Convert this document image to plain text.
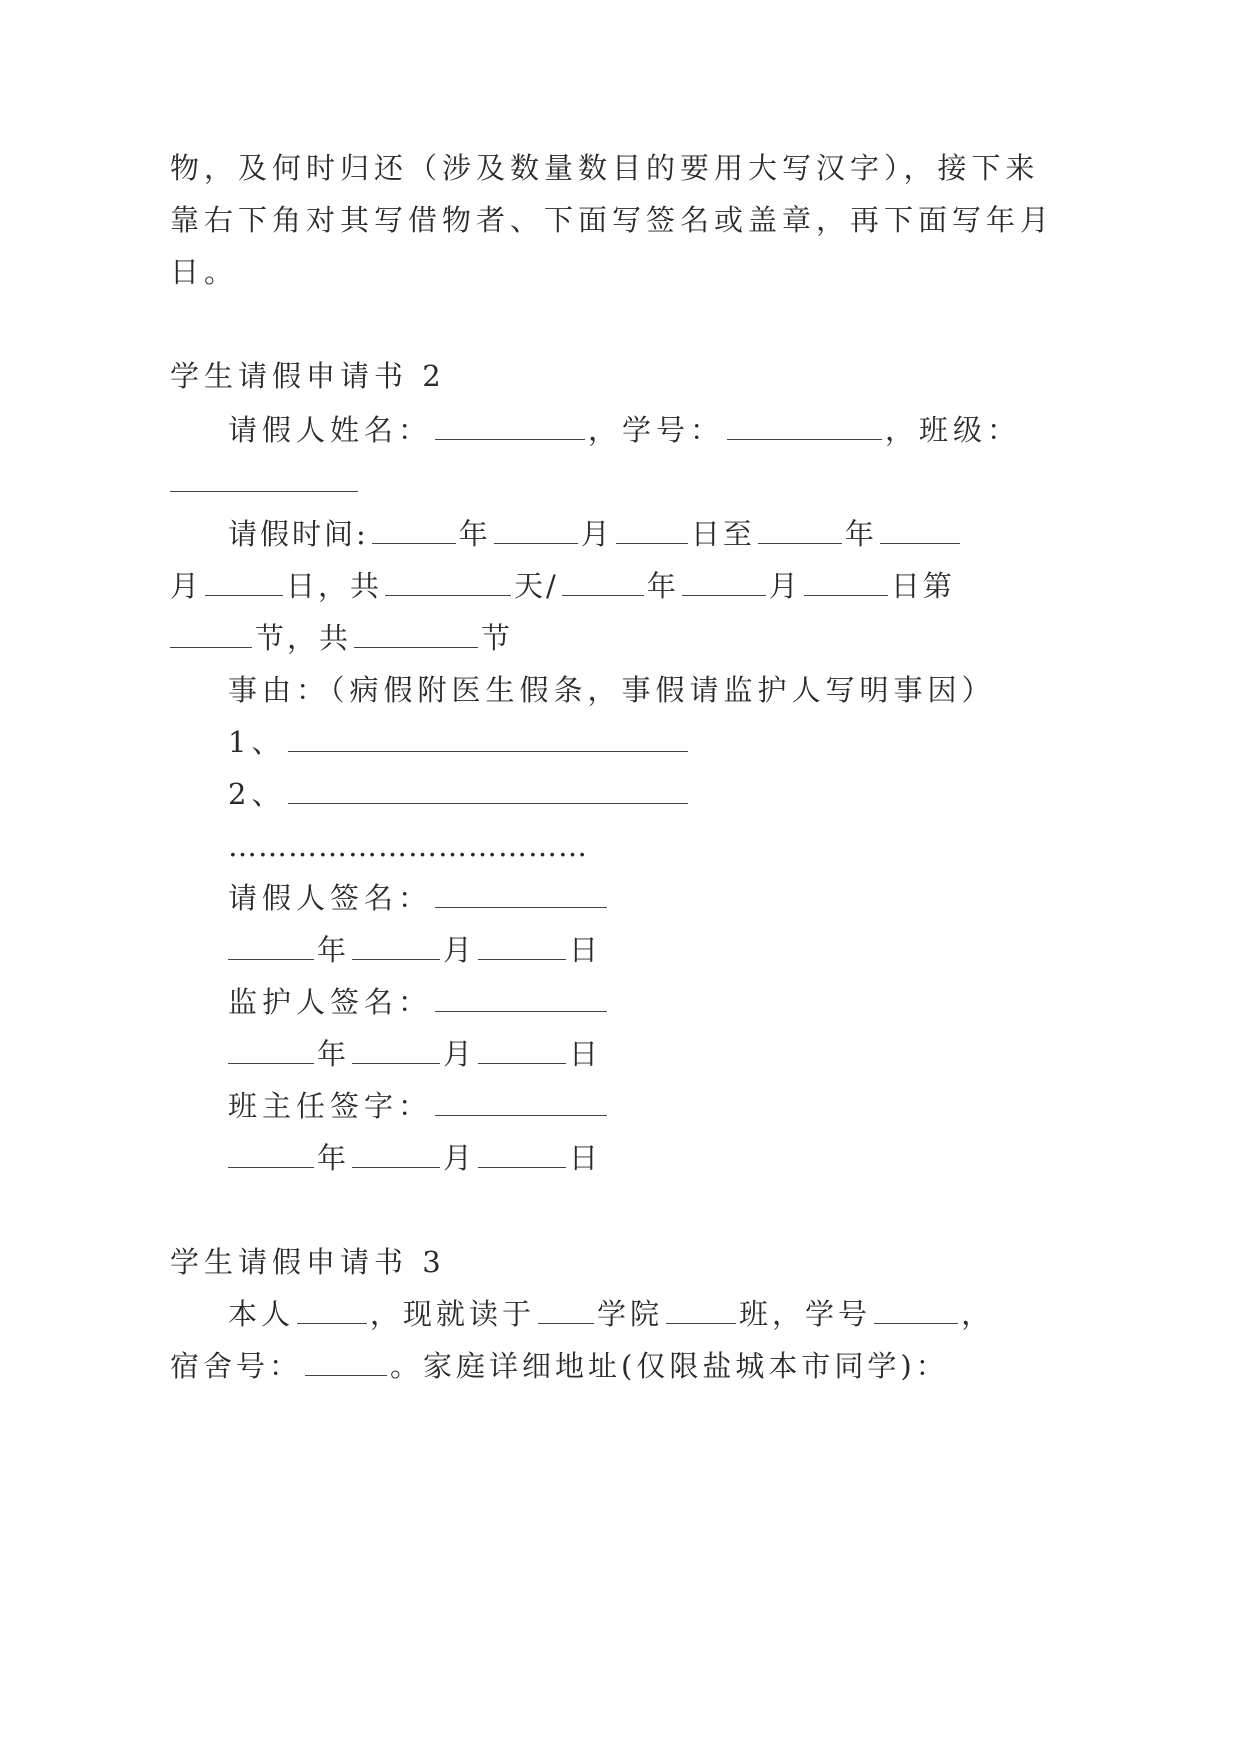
物，及何时归还（涉及数量数目的要用大写汉字），接下来
靠右下角对其写借物者、下面写签名或盖章，再下面写年月
日。
学生请假申请书 2
请假人姓名：	，学号：	，班级：
请假时间:	年	月	日至	年
月	日，共	天/	年	月	日第
节，共	节
事由：（病假附医生假条，事假请监护人写明事因）
1、
2、
………………………………
请假人签名：
年	月	日
监护人签名：
年	月	日
班主任签字：
年	月	日
学生请假申请书 3
本人	，现就读于 学院	班，学号	，
宿舍号：	。家庭详细地址(仅限盐城本市同学)：
